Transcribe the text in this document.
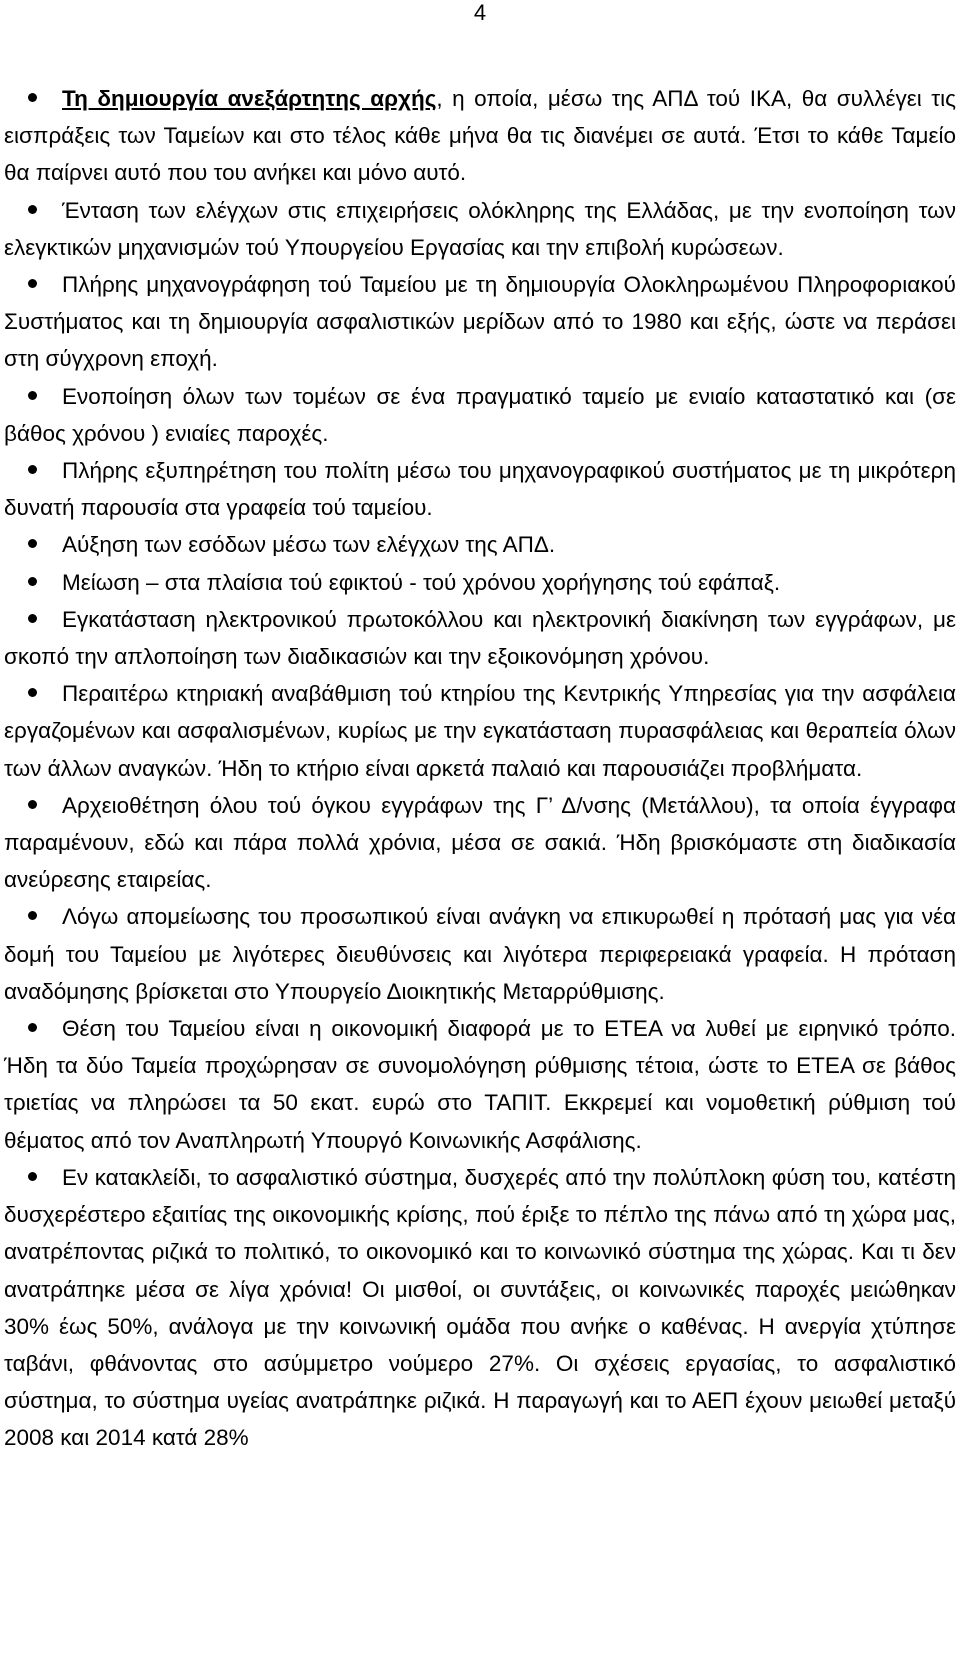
4

Τη δημιουργία ανεξάρτητης αρχής, η οποία, μέσω της ΑΠΔ τού ΙΚΑ, θα συλλέγει τις εισπράξεις των Ταμείων και στο τέλος κάθε μήνα θα τις διανέμει σε αυτά. Έτσι το κάθε Ταμείο θα παίρνει αυτό που του ανήκει και μόνο αυτό.

Ένταση των ελέγχων στις επιχειρήσεις ολόκληρης της Ελλάδας, με την ενοποίηση των ελεγκτικών μηχανισμών τού Υπουργείου Εργασίας και την επιβολή κυρώσεων.

Πλήρης μηχανογράφηση τού Ταμείου με τη δημιουργία Ολοκληρωμένου Πληροφοριακού Συστήματος και τη δημιουργία ασφαλιστικών μερίδων από το 1980 και εξής, ώστε να περάσει στη σύγχρονη εποχή.

Ενοποίηση όλων των τομέων σε ένα πραγματικό ταμείο με ενιαίο καταστατικό και (σε βάθος χρόνου ) ενιαίες παροχές.

Πλήρης εξυπηρέτηση του πολίτη μέσω του μηχανογραφικού συστήματος με τη μικρότερη δυνατή παρουσία στα γραφεία τού ταμείου.

Αύξηση των εσόδων μέσω των ελέγχων της ΑΠΔ.

Μείωση – στα πλαίσια τού εφικτού - τού χρόνου χορήγησης τού εφάπαξ.

Εγκατάσταση ηλεκτρονικού πρωτοκόλλου και ηλεκτρονική διακίνηση των εγγράφων, με σκοπό την απλοποίηση των διαδικασιών και την εξοικονόμηση χρόνου.

Περαιτέρω κτηριακή αναβάθμιση τού κτηρίου της Κεντρικής Υπηρεσίας για την ασφάλεια εργαζομένων και ασφαλισμένων, κυρίως με την εγκατάσταση πυρασφάλειας και θεραπεία όλων των άλλων αναγκών. Ήδη το κτήριο είναι αρκετά παλαιό και παρουσιάζει προβλήματα.

Αρχειοθέτηση όλου τού όγκου εγγράφων της Γ’ Δ/νσης (Μετάλλου), τα οποία έγγραφα παραμένουν, εδώ και πάρα πολλά χρόνια, μέσα σε σακιά. Ήδη βρισκόμαστε στη διαδικασία ανεύρεσης εταιρείας.

Λόγω απομείωσης του προσωπικού είναι ανάγκη να επικυρωθεί η πρότασή μας για νέα δομή του Ταμείου με λιγότερες διευθύνσεις και λιγότερα περιφερειακά γραφεία. Η πρόταση αναδόμησης βρίσκεται στο Υπουργείο Διοικητικής Μεταρρύθμισης.

Θέση του Ταμείου είναι η οικονομική διαφορά με το ΕΤΕΑ να λυθεί με ειρηνικό τρόπο. Ήδη τα δύο Ταμεία προχώρησαν σε συνομολόγηση ρύθμισης τέτοια, ώστε το ΕΤΕΑ σε βάθος τριετίας να πληρώσει τα 50 εκατ. ευρώ στο ΤΑΠΙΤ. Εκκρεμεί και νομοθετική ρύθμιση τού θέματος από τον Αναπληρωτή Υπουργό Κοινωνικής Ασφάλισης.

Εν κατακλείδι, το ασφαλιστικό σύστημα, δυσχερές από την πολύπλοκη φύση του, κατέστη δυσχερέστερο εξαιτίας της οικονομικής κρίσης, πού έριξε το πέπλο της πάνω από τη χώρα μας, ανατρέποντας ριζικά το πολιτικό, το οικονομικό και το κοινωνικό σύστημα της χώρας. Και τι δεν ανατράπηκε μέσα σε λίγα χρόνια! Οι μισθοί, οι συντάξεις, οι κοινωνικές παροχές μειώθηκαν 30% έως 50%, ανάλογα με την κοινωνική ομάδα που ανήκε ο καθένας. Η ανεργία χτύπησε ταβάνι, φθάνοντας στο ασύμμετρο νούμερο 27%. Οι σχέσεις εργασίας, το ασφαλιστικό σύστημα, το σύστημα υγείας ανατράπηκε ριζικά. Η παραγωγή και το ΑΕΠ έχουν μειωθεί μεταξύ 2008 και 2014 κατά 28%
